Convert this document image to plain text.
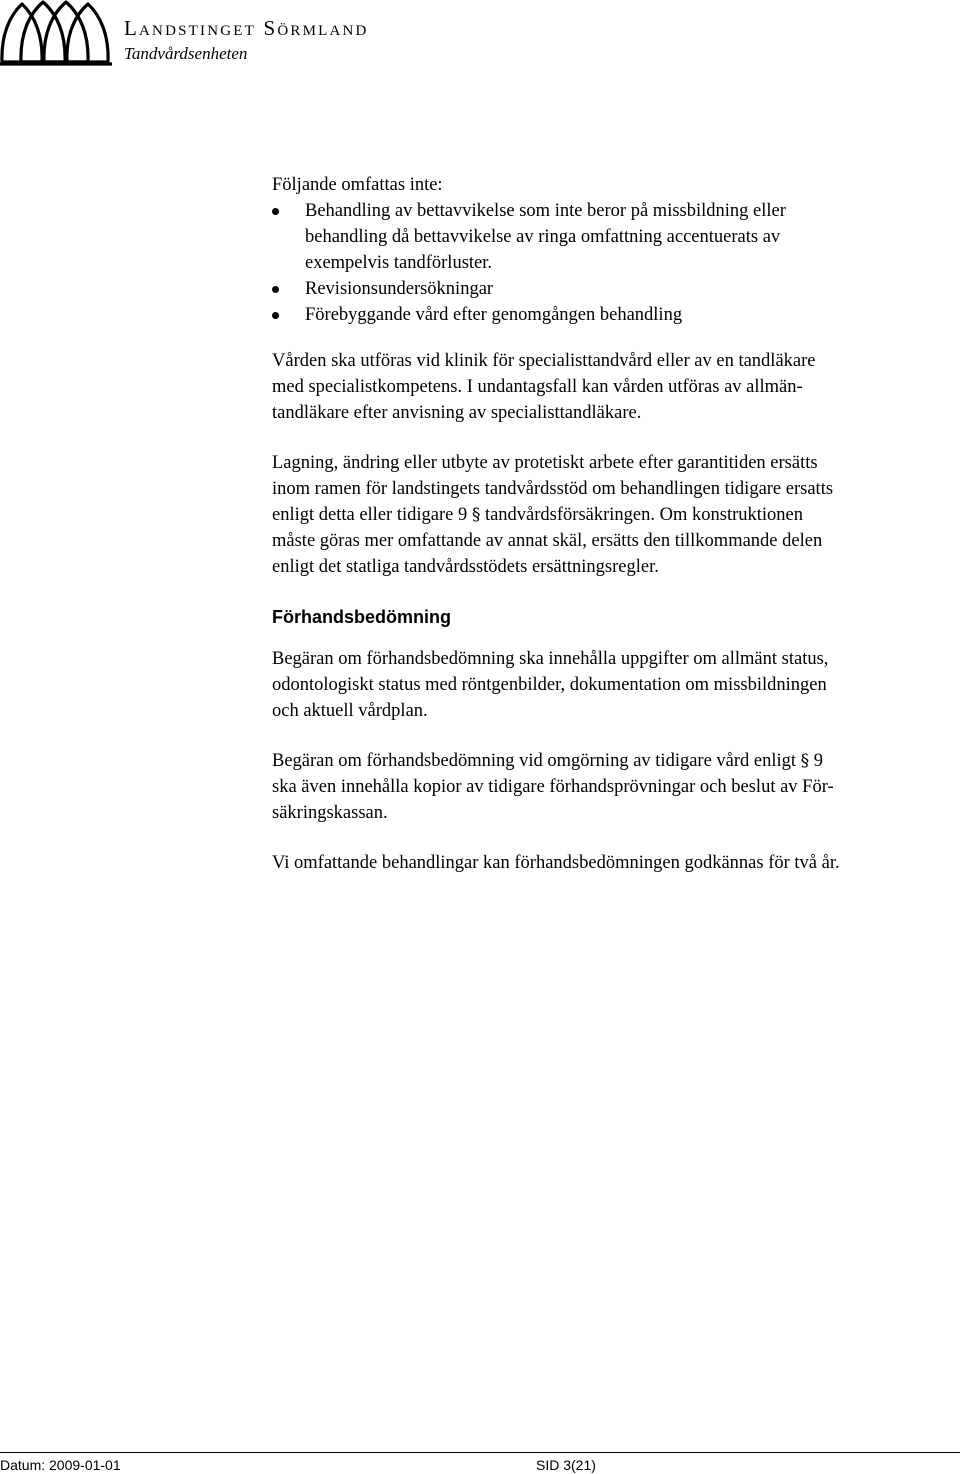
Landstinget Sörmland
Tandvårdsenheten

Följande omfattas inte:

Behandling av bettavvikelse som inte beror på missbildning eller
behandling då bettavvikelse av ringa omfattning accentuerats av
exempelvis tandförluster.
Revisionsundersökningar
Förebyggande vård efter genomgången behandling

Vården ska utföras vid klinik för specialisttandvård eller av en tandläkare
med specialistkompetens. I undantagsfall kan vården utföras av allmän-
tandläkare efter anvisning av specialisttandläkare.

Lagning, ändring eller utbyte av protetiskt arbete efter garantitiden ersätts
inom ramen för landstingets tandvårdsstöd om behandlingen tidigare ersatts
enligt detta eller tidigare 9 § tandvårdsförsäkringen. Om konstruktionen
måste göras mer omfattande av annat skäl, ersätts den tillkommande delen
enligt det statliga tandvårdsstödets ersättningsregler.

Förhandsbedömning

Begäran om förhandsbedömning ska innehålla uppgifter om allmänt status,
odontologiskt status med röntgenbilder, dokumentation om missbildningen
och aktuell vårdplan.

Begäran om förhandsbedömning vid omgörning av tidigare vård enligt § 9
ska även innehålla kopior av tidigare förhandsprövningar och beslut av För-
säkringskassan.

Vi omfattande behandlingar kan förhandsbedömningen godkännas för två år.

Datum: 2009-01-01	SID 3(21)
